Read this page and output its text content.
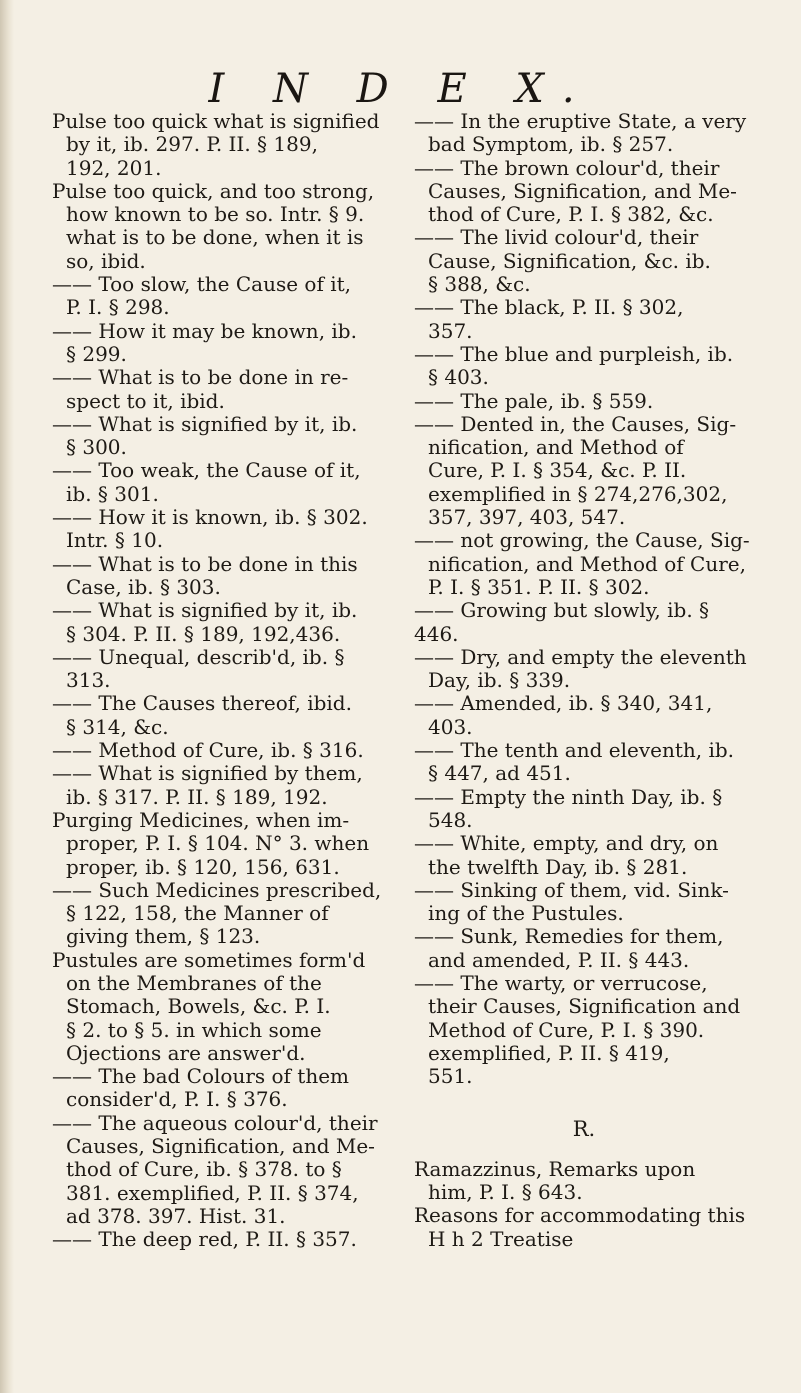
I N D E X.
Pulse too quick what is signified
by it, ib. 297. P. II. § 189,
192, 201.
Pulse too quick, and too strong,
how known to be so. Intr. § 9.
what is to be done, when it is
so, ibid.
—— Too slow, the Cause of it,
P. I. § 298.
—— How it may be known, ib.
§ 299.
—— What is to be done in re-
spect to it, ibid.
—— What is signified by it, ib.
§ 300.
—— Too weak, the Cause of it,
ib. § 301.
—— How it is known, ib. § 302.
Intr. § 10.
—— What is to be done in this
Case, ib. § 303.
—— What is signified by it, ib.
§ 304. P. II. § 189, 192,436.
—— Unequal, describ'd, ib. §
313.
—— The Causes thereof, ibid.
§ 314, &c.
—— Method of Cure, ib. § 316.
—— What is signified by them,
ib. § 317. P. II. § 189, 192.
Purging Medicines, when im-
proper, P. I. § 104. N° 3. when
proper, ib. § 120, 156, 631.
—— Such Medicines prescribed,
§ 122, 158, the Manner of
giving them, § 123.
Pustules are sometimes form'd
on the Membranes of the
Stomach, Bowels, &c. P. I.
§ 2. to § 5. in which some
Ojections are answer'd.
—— The bad Colours of them
consider'd, P. I. § 376.
—— The aqueous colour'd, their
Causes, Signification, and Me-
thod of Cure, ib. § 378. to §
381. exemplified, P. II. § 374,
ad 378. 397. Hist. 31.
—— The deep red, P. II. § 357.
—— In the eruptive State, a very
bad Symptom, ib. § 257.
—— The brown colour'd, their
Causes, Signification, and Me-
thod of Cure, P. I. § 382, &c.
—— The livid colour'd, their
Cause, Signification, &c. ib.
§ 388, &c.
—— The black, P. II. § 302,
357.
—— The blue and purpleish, ib.
§ 403.
—— The pale, ib. § 559.
—— Dented in, the Causes, Sig-
nification, and Method of
Cure, P. I. § 354, &c. P. II.
exemplified in § 274,276,302,
357, 397, 403, 547.
—— not growing, the Cause, Sig-
nification, and Method of Cure,
P. I. § 351. P. II. § 302.
—— Growing but slowly, ib. § 446.
—— Dry, and empty the eleventh
Day, ib. § 339.
—— Amended, ib. § 340, 341,
403.
—— The tenth and eleventh, ib.
§ 447, ad 451.
—— Empty the ninth Day, ib. §
548.
—— White, empty, and dry, on
the twelfth Day, ib. § 281.
—— Sinking of them, vid. Sink-
ing of the Pustules.
—— Sunk, Remedies for them,
and amended, P. II. § 443.
—— The warty, or verrucose,
their Causes, Signification and
Method of Cure, P. I. § 390.
exemplified, P. II. § 419,
551.
R.
Ramazzinus, Remarks upon
him, P. I. § 643.
Reasons for accommodating this
H h 2 Treatise
